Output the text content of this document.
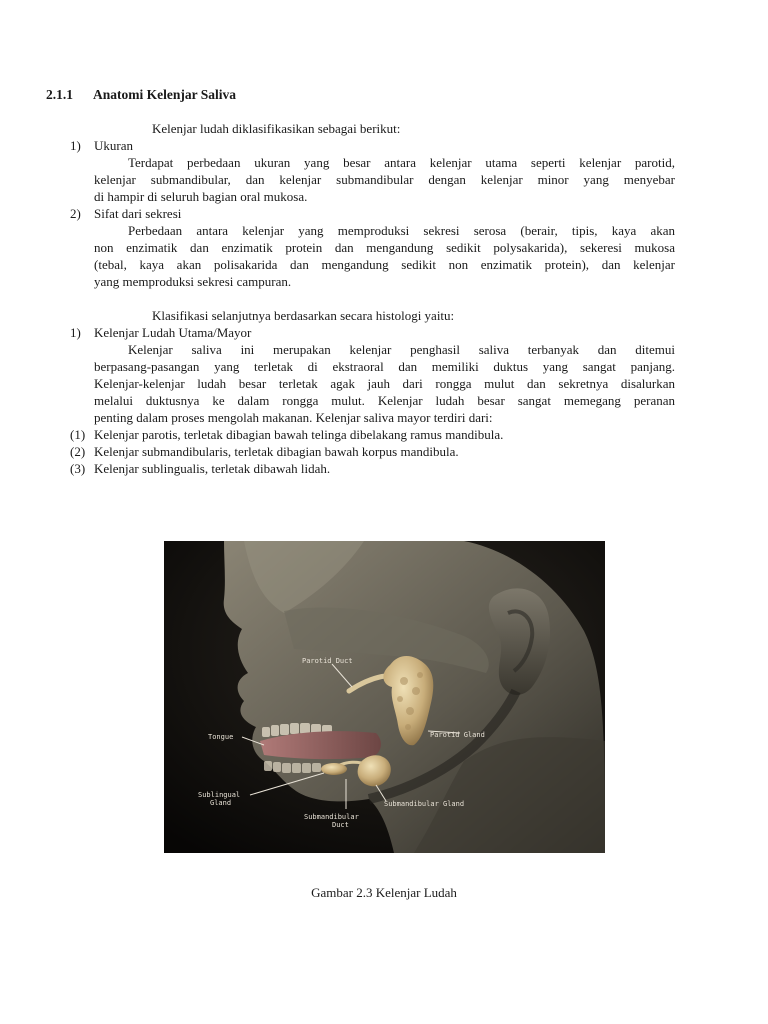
2.1.1 Anatomi Kelenjar Saliva
Kelenjar ludah diklasifikasikan sebagai berikut:
1) Ukuran
Terdapat perbedaan ukuran yang besar antara kelenjar utama seperti kelenjar parotid,
kelenjar submandibular, dan kelenjar submandibular dengan kelenjar minor yang menyebar
di hampir di seluruh bagian oral mukosa.
2) Sifat dari sekresi
Perbedaan antara kelenjar yang memproduksi sekresi serosa (berair, tipis, kaya akan
non enzimatik dan enzimatik protein dan mengandung sedikit polysakarida), sekeresi mukosa
(tebal, kaya akan polisakarida dan mengandung sedikit non enzimatik protein), dan kelenjar
yang memproduksi sekresi campuran.
Klasifikasi selanjutnya berdasarkan secara histologi yaitu:
1) Kelenjar Ludah Utama/Mayor
Kelenjar saliva ini merupakan kelenjar penghasil saliva terbanyak dan ditemui
berpasang-pasangan yang terletak di ekstraoral dan memiliki duktus yang sangat panjang.
Kelenjar-kelenjar ludah besar terletak agak jauh dari rongga mulut dan sekretnya disalurkan
melalui duktusnya ke dalam rongga mulut. Kelenjar ludah besar sangat memegang peranan
penting dalam proses mengolah makanan. Kelenjar saliva mayor terdiri dari:
(1) Kelenjar parotis, terletak dibagian bawah telinga dibelakang ramus mandibula.
(2) Kelenjar submandibularis, terletak dibagian bawah korpus mandibula.
(3) Kelenjar sublingualis, terletak dibawah lidah.
Parotid Duct
Parotid Gland
Tongue
Sublingual
Gland	Submandibular Gland
Submandibular
Duct
Gambar 2.3 Kelenjar Ludah
